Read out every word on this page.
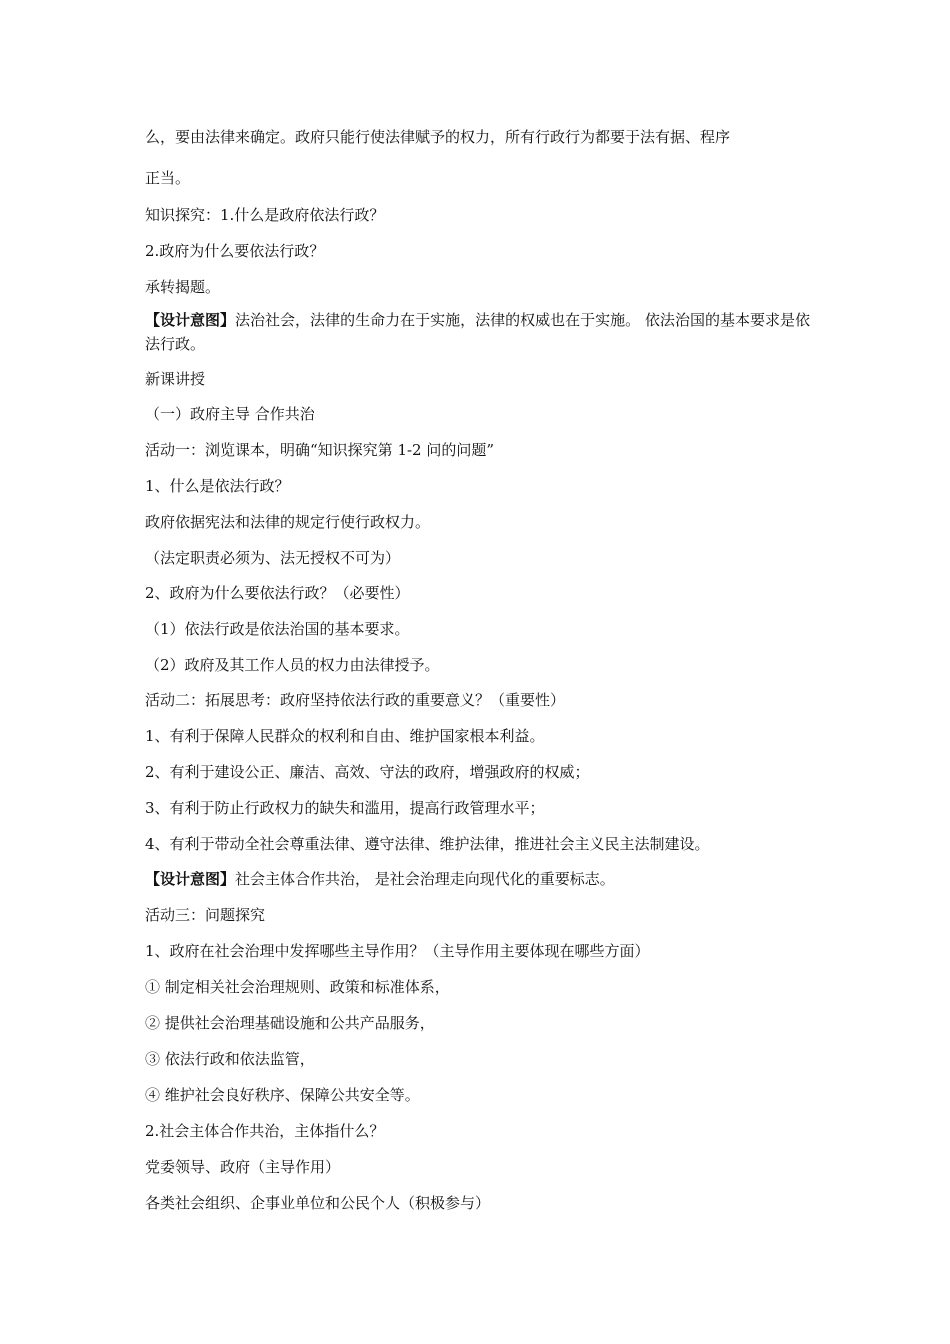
么，要由法律来确定。政府只能行使法律赋予的权力，所有行政行为都要于法有据、程序
正当。
知识探究：1.什么是政府依法行政？
2.政府为什么要依法行政？
承转揭题。
【设计意图】法治社会，法律的生命力在于实施，法律的权威也在于实施。 依法治国的基本要求是依法行政。
新课讲授
（一）政府主导 合作共治
活动一：浏览课本，明确“知识探究第 1-2 问的问题”
1、什么是依法行政？
政府依据宪法和法律的规定行使行政权力。
（法定职责必须为、法无授权不可为）
2、政府为什么要依法行政？（必要性）
（1）依法行政是依法治国的基本要求。
（2）政府及其工作人员的权力由法律授予。
活动二：拓展思考：政府坚持依法行政的重要意义？（重要性）
1、有利于保障人民群众的权利和自由、维护国家根本利益。
2、有利于建设公正、廉洁、高效、守法的政府，增强政府的权威；
3、有利于防止行政权力的缺失和滥用，提高行政管理水平；
4、有利于带动全社会尊重法律、遵守法律、维护法律，推进社会主义民主法制建设。
【设计意图】社会主体合作共治， 是社会治理走向现代化的重要标志。
活动三：问题探究
1、政府在社会治理中发挥哪些主导作用？（主导作用主要体现在哪些方面）
① 制定相关社会治理规则、政策和标准体系，
② 提供社会治理基础设施和公共产品服务，
③ 依法行政和依法监管，
④ 维护社会良好秩序、保障公共安全等。
2.社会主体合作共治，主体指什么？
党委领导、政府（主导作用）
各类社会组织、企事业单位和公民个人（积极参与）
